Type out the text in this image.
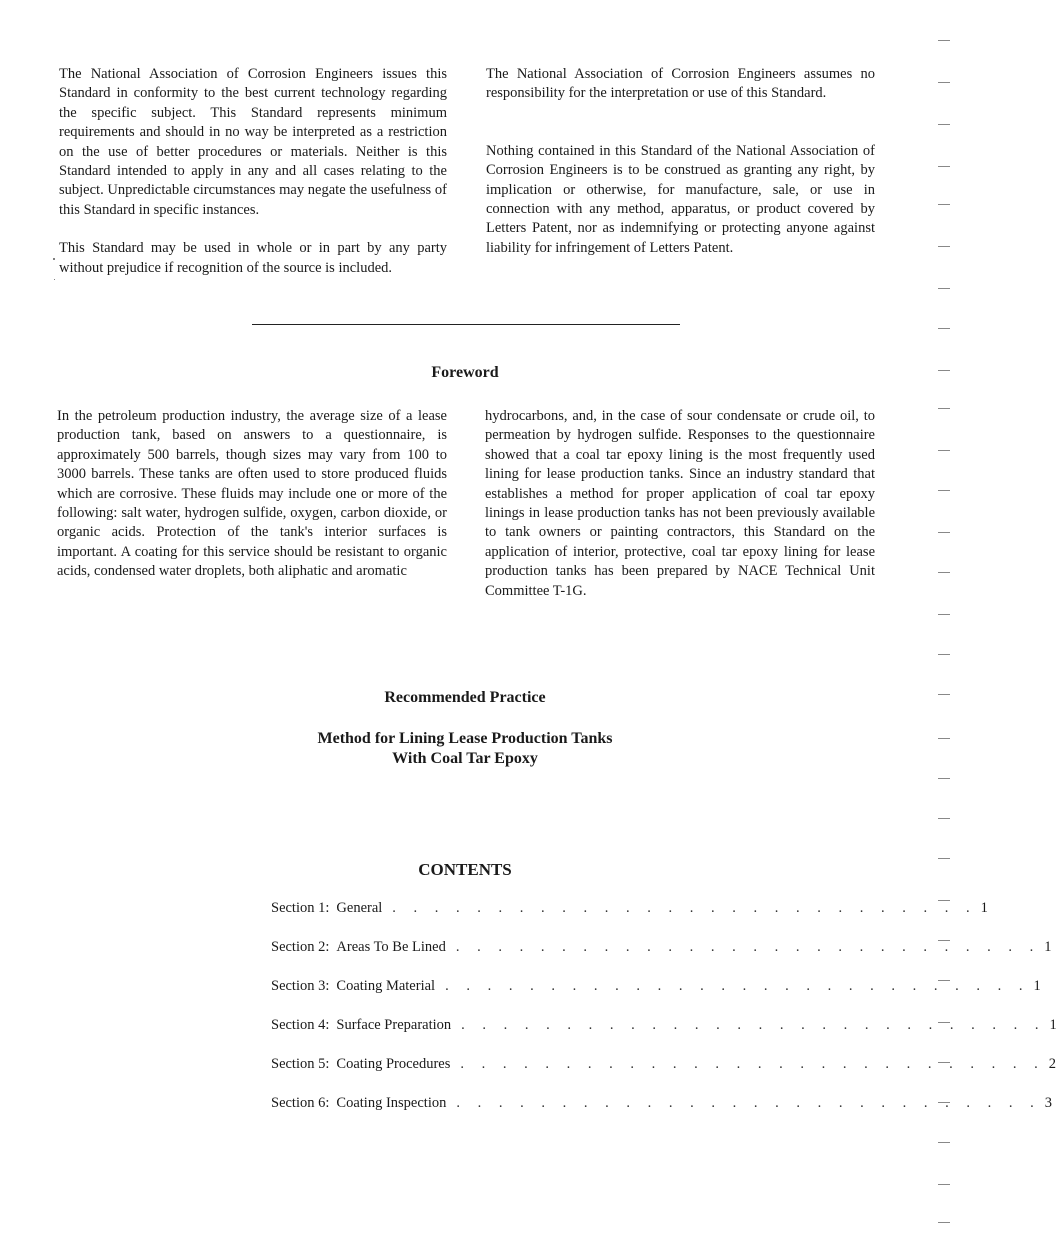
The National Association of Corrosion Engineers issues this Standard in conformity to the best current technology regarding the specific subject. This Standard represents minimum requirements and should in no way be interpreted as a restriction on the use of better procedures or materials. Neither is this Standard intended to apply in any and all cases relating to the subject. Unpredictable circumstances may negate the usefulness of this Standard in specific instances.

This Standard may be used in whole or in part by any party without prejudice if recognition of the source is included.

The National Association of Corrosion Engineers assumes no responsibility for the interpretation or use of this Standard.

Nothing contained in this Standard of the National Association of Corrosion Engineers is to be construed as granting any right, by implication or otherwise, for manufacture, sale, or use in connection with any method, apparatus, or product covered by Letters Patent, nor as indemnifying or protecting anyone against liability for infringement of Letters Patent.

Foreword

In the petroleum production industry, the average size of a lease production tank, based on answers to a questionnaire, is approximately 500 barrels, though sizes may vary from 100 to 3000 barrels. These tanks are often used to store produced fluids which are corrosive. These fluids may include one or more of the following: salt water, hydrogen sulfide, oxygen, carbon dioxide, or organic acids. Protection of the tank's interior surfaces is important. A coating for this service should be resistant to organic acids, condensed water droplets, both aliphatic and aromatic

hydrocarbons, and, in the case of sour condensate or crude oil, to permeation by hydrogen sulfide. Responses to the questionnaire showed that a coal tar epoxy lining is the most frequently used lining for lease production tanks. Since an industry standard that establishes a method for proper application of coal tar epoxy linings in lease production tanks has not been previously available to tank owners or painting contractors, this Standard on the application of interior, protective, coal tar epoxy lining for lease production tanks has been prepared by NACE Technical Unit Committee T-1G.

Recommended Practice
Method for Lining Lease Production Tanks
With Coal Tar Epoxy
CONTENTS
Section 1: General . . . . . . . . . . . . . . . . . . . . . . . . . . . . 1
Section 2: Areas To Be Lined . . . . . . . . . . . . . . . . . . . . . . . . . . . . 1
Section 3: Coating Material . . . . . . . . . . . . . . . . . . . . . . . . . . . . 1
Section 4: Surface Preparation . . . . . . . . . . . . . . . . . . . . . . . . . . . . 1
Section 5: Coating Procedures . . . . . . . . . . . . . . . . . . . . . . . . . . . . 2
Section 6: Coating Inspection . . . . . . . . . . . . . . . . . . . . . . . . . . . . 3
